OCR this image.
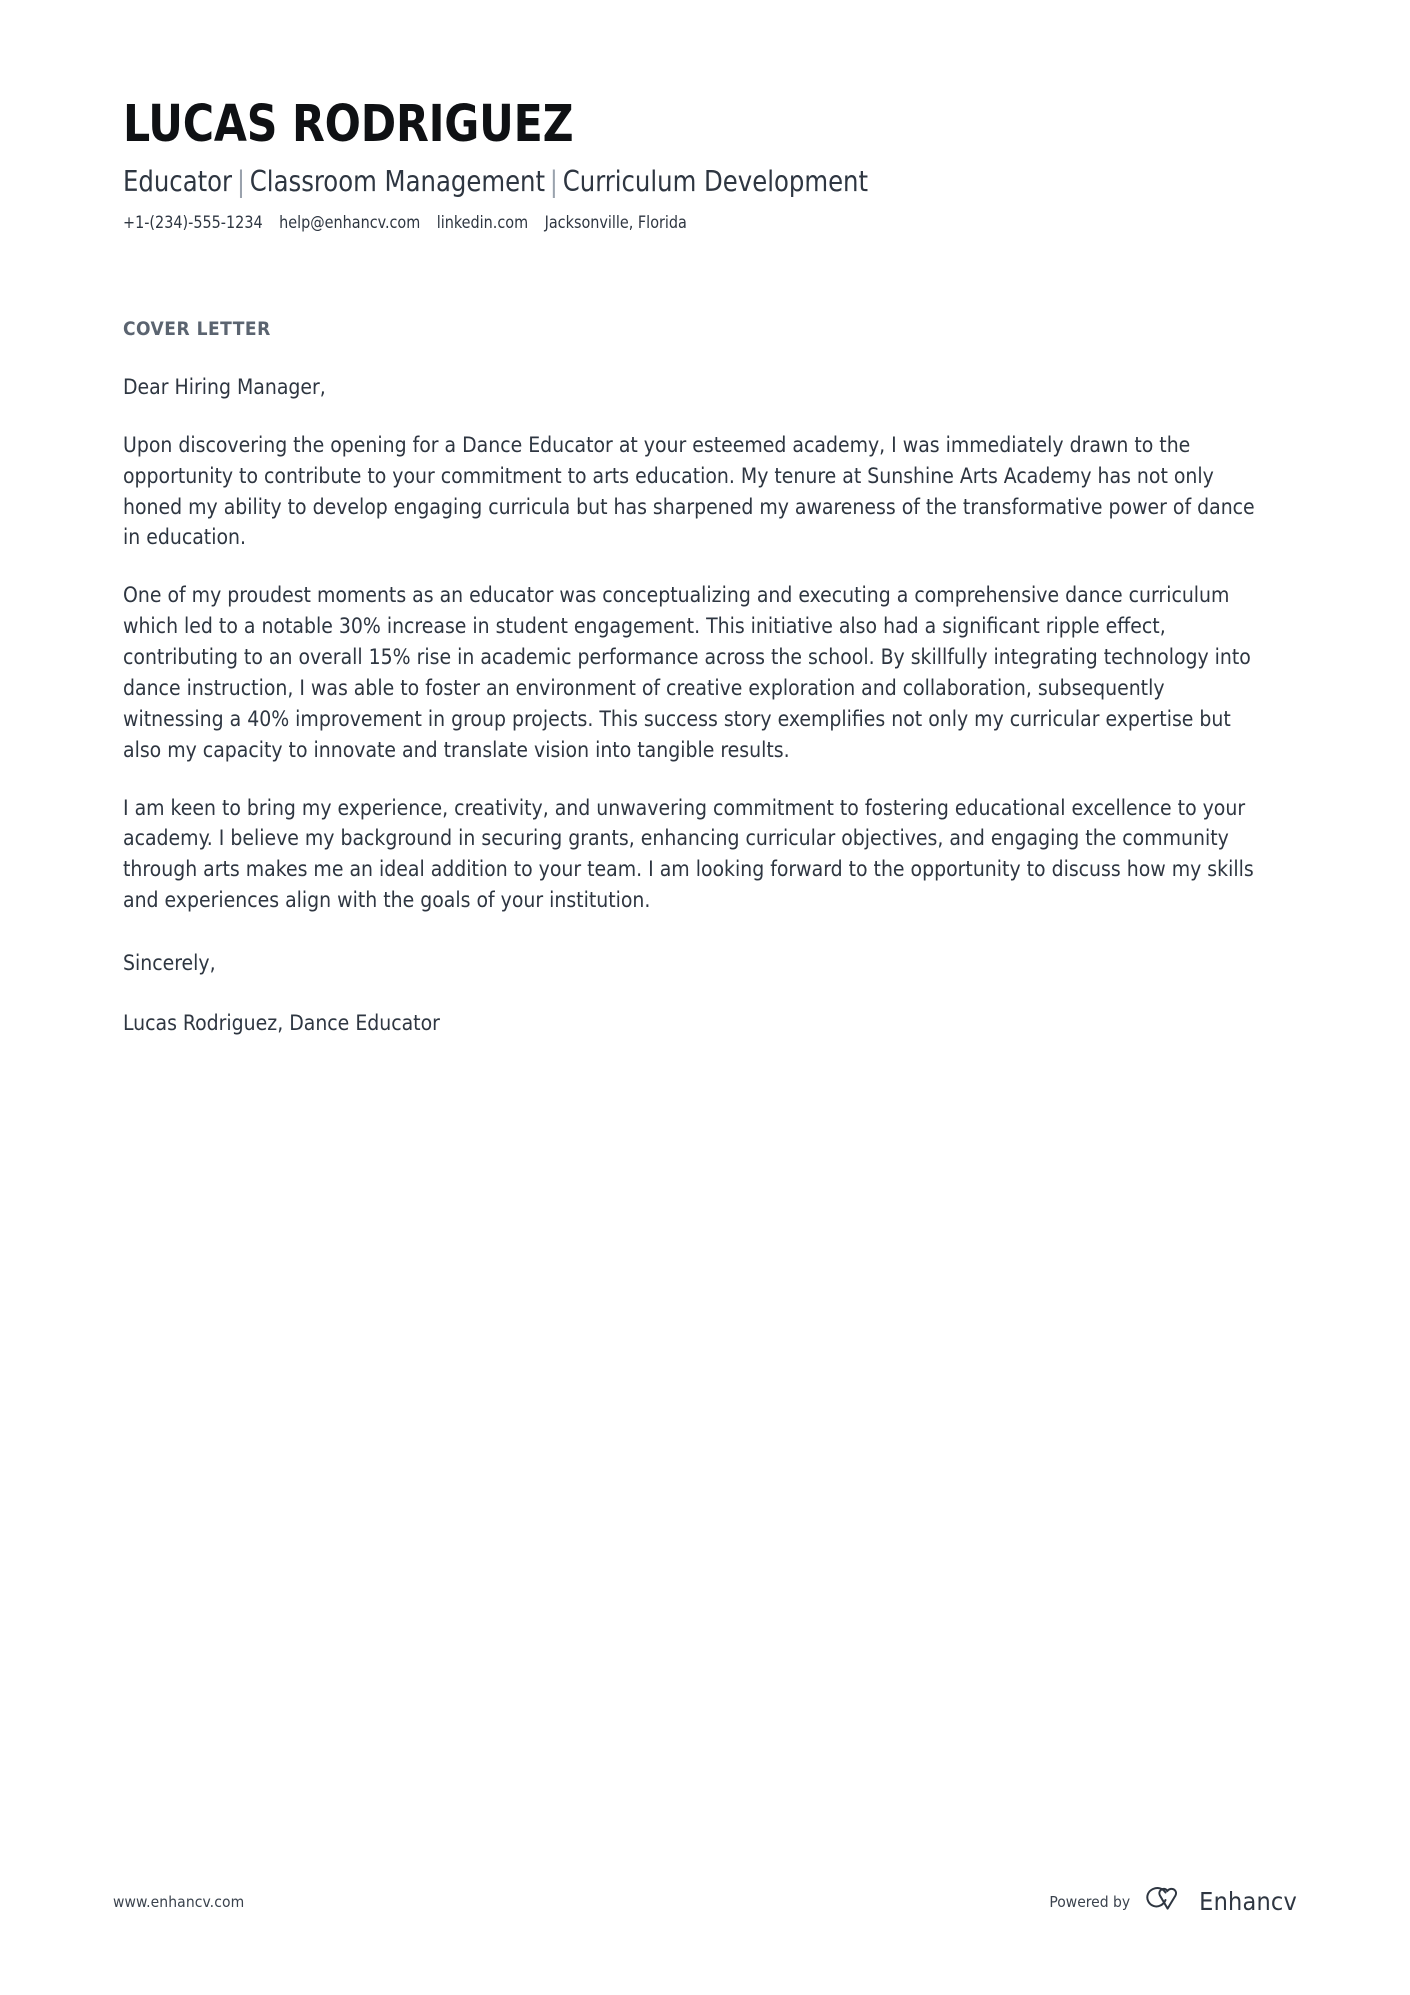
LUCAS RODRIGUEZ
Educator | Classroom Management | Curriculum Development
+1-(234)-555-1234 help@enhancv.com linkedin.com Jacksonville, Florida
COVER LETTER
Dear Hiring Manager,
Upon discovering the opening for a Dance Educator at your esteemed academy, I was immediately drawn to the opportunity to contribute to your commitment to arts education. My tenure at Sunshine Arts Academy has not only honed my ability to develop engaging curricula but has sharpened my awareness of the transformative power of dance in education.
One of my proudest moments as an educator was conceptualizing and executing a comprehensive dance curriculum which led to a notable 30% increase in student engagement. This initiative also had a significant ripple effect, contributing to an overall 15% rise in academic performance across the school. By skillfully integrating technology into dance instruction, I was able to foster an environment of creative exploration and collaboration, subsequently witnessing a 40% improvement in group projects. This success story exemplifies not only my curricular expertise but also my capacity to innovate and translate vision into tangible results.
I am keen to bring my experience, creativity, and unwavering commitment to fostering educational excellence to your academy. I believe my background in securing grants, enhancing curricular objectives, and engaging the community through arts makes me an ideal addition to your team. I am looking forward to the opportunity to discuss how my skills and experiences align with the goals of your institution.
Sincerely,
Lucas Rodriguez, Dance Educator
www.enhancv.com	Powered by	Enhancv
